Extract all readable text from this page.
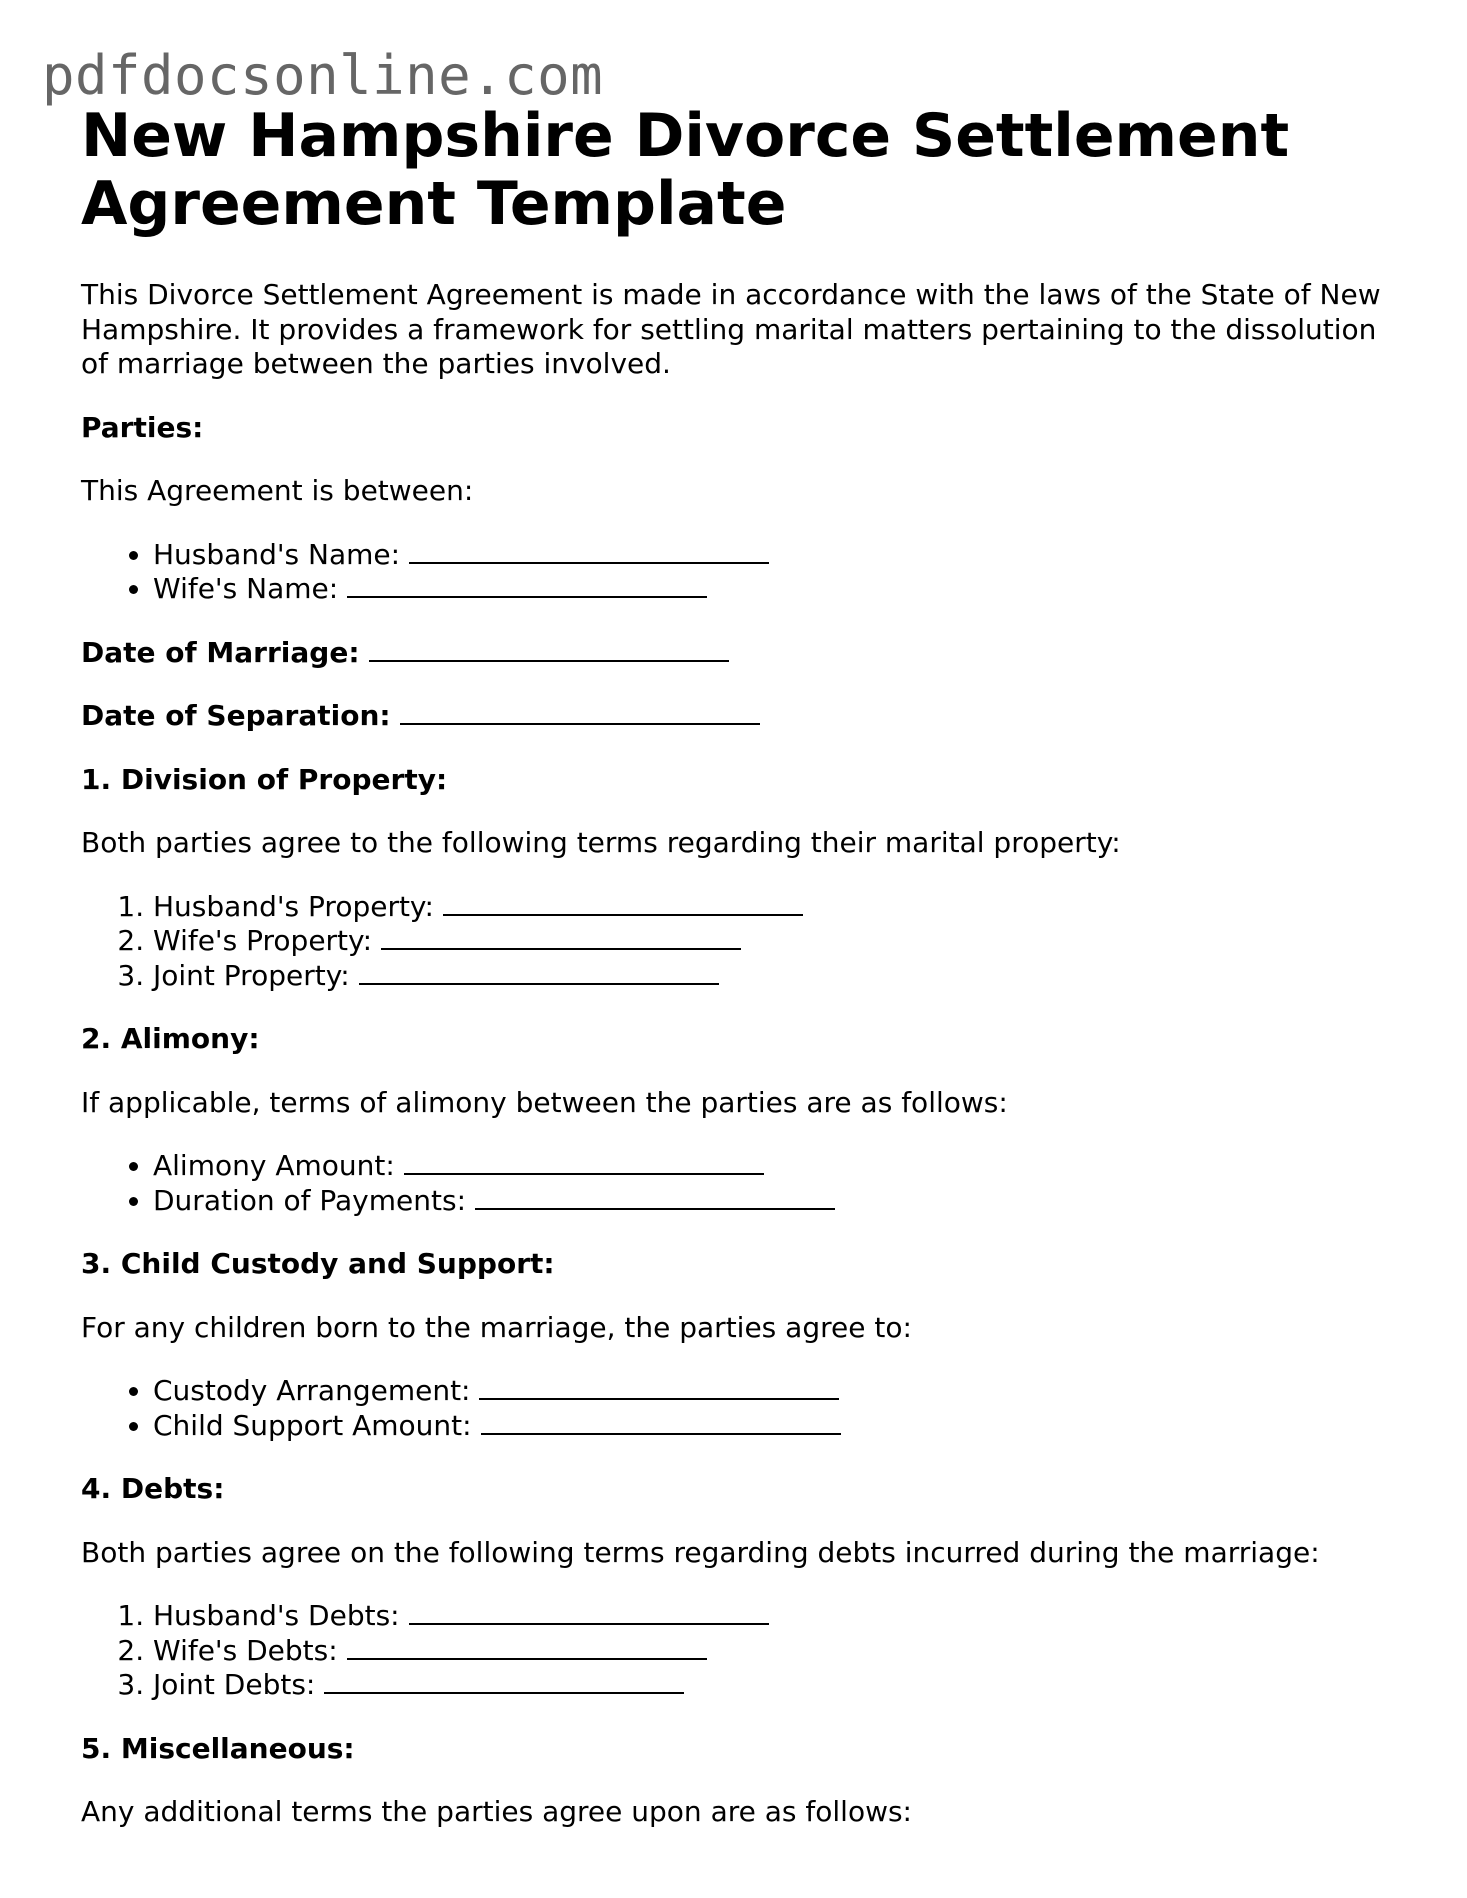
pdfdocsonline.com
New Hampshire Divorce Settlement Agreement Template

This Divorce Settlement Agreement is made in accordance with the laws of the State of New Hampshire. It provides a framework for settling marital matters pertaining to the dissolution of marriage between the parties involved.

Parties:

This Agreement is between:

• Husband's Name:
• Wife's Name:

Date of Marriage:

Date of Separation:

1. Division of Property:

Both parties agree to the following terms regarding their marital property:

1. Husband's Property:
2. Wife's Property:
3. Joint Property:

2. Alimony:

If applicable, terms of alimony between the parties are as follows:

• Alimony Amount:
• Duration of Payments:

3. Child Custody and Support:

For any children born to the marriage, the parties agree to:

• Custody Arrangement:
• Child Support Amount:

4. Debts:

Both parties agree on the following terms regarding debts incurred during the marriage:

1. Husband's Debts:
2. Wife's Debts:
3. Joint Debts:

5. Miscellaneous:

Any additional terms the parties agree upon are as follows:
